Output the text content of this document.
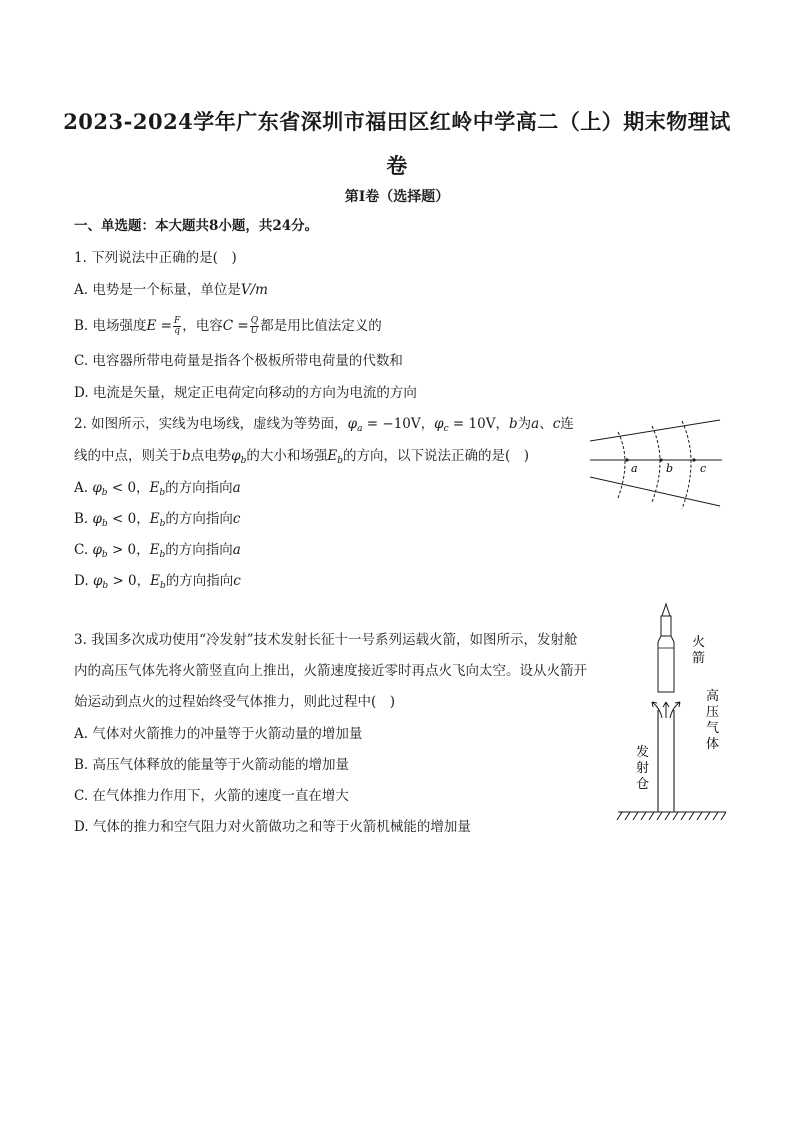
2023-2024学年广东省深圳市福田区红岭中学高二（上）期末物理试
卷
第I卷（选择题）
一、单选题：本大题共8小题，共24分。
1. 下列说法中正确的是(　)
A. 电势是一个标量，单位是V/m
B. 电场强度$E = \frac{F}{q}$ ，电容$C = \frac{Q}{U}$ 都是用比值法定义的
C. 电容器所带电荷量是指各个极板所带电荷量的代数和
D. 电流是矢量，规定正电荷定向移动的方向为电流的方向
2. 如图所示，实线为电场线，虚线为等势面，$\varphi_a = -10V$，$\varphi_c = 10V$，b为a、c连
线的中点，则关于b点电势$\varphi_b$的大小和场强$E_b$的方向，以下说法正确的是(　)
A. $\varphi_b < 0$，$E_b$的方向指向a
B. $\varphi_b < 0$，$E_b$的方向指向c
C. $\varphi_b > 0$，$E_b$的方向指向a
D. $\varphi_b > 0$，$E_b$的方向指向c
a	b c
3. 我国多次成功使用“冷发射”技术发射长征十一号系列运载火箭，如图所示，发射舱
内的高压气体先将火箭竖直向上推出，火箭速度接近零时再点火飞向太空。设从火箭开
始运动到点火的过程始终受气体推力，则此过程中(　)
A. 气体对火箭推力的冲量等于火箭动量的增加量
B. 高压气体释放的能量等于火箭动能的增加量
C. 在气体推力作用下，火箭的速度一直在增大
D. 气体的推力和空气阻力对火箭做功之和等于火箭机械能的增加量
火
箭
高
压
气
体
发
射
仓
